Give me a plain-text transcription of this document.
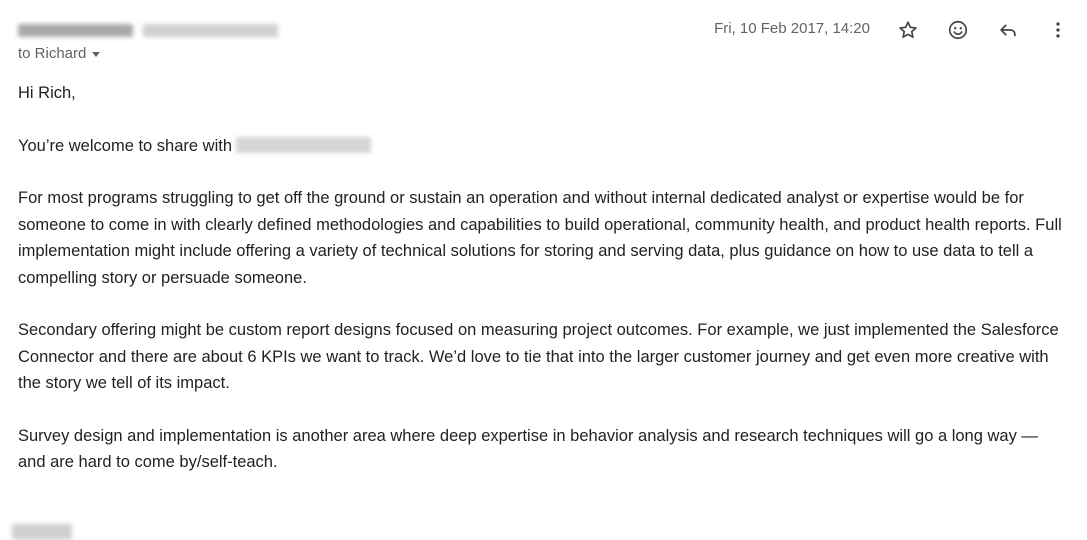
Fri, 10 Feb 2017, 14:20
to Richard

Hi Rich,

You’re welcome to share with

For most programs struggling to get off the ground or sustain an operation and without internal dedicated analyst or expertise would be for someone to come in with clearly defined methodologies and capabilities to build operational, community health, and product health reports. Full implementation might include offering a variety of technical solutions for storing and serving data, plus guidance on how to use data to tell a compelling story or persuade someone.

Secondary offering might be custom report designs focused on measuring project outcomes. For example, we just implemented the Salesforce Connector and there are about 6 KPIs we want to track. We’d love to tie that into the larger customer journey and get even more creative with the story we tell of its impact.

Survey design and implementation is another area where deep expertise in behavior analysis and research techniques will go a long way — and are hard to come by/self-teach.
